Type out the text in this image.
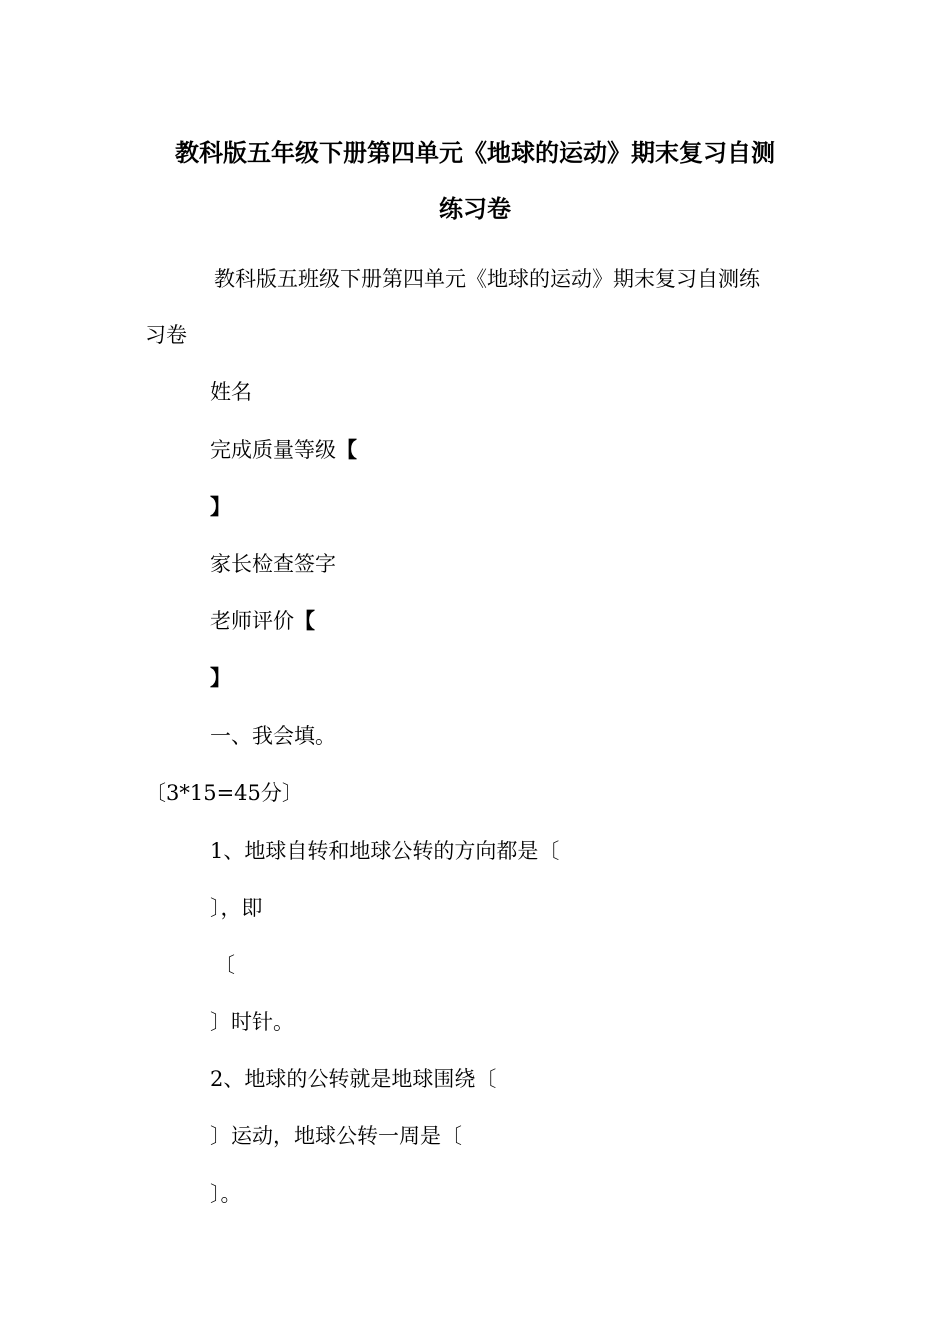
教科版五年级下册第四单元《地球的运动》期末复习自测
练习卷
教科版五班级下册第四单元《地球的运动》期末复习自测练
习卷
姓名
完成质量等级【
】
家长检查签字
老师评价【
】
一、我会填。
〔3*15=45分〕
1、地球自转和地球公转的方向都是〔
〕，即
〔
〕时针。
2、地球的公转就是地球围绕〔
〕运动，地球公转一周是〔
〕。
